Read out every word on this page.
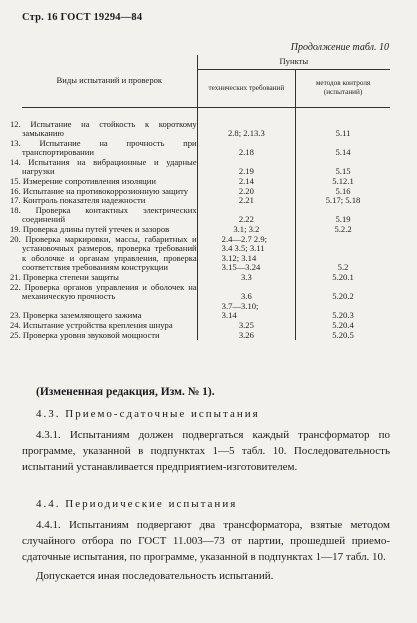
Стр. 16 ГОСТ 19294—84
Продолжение табл. 10
Виды испытаний и проверок	Пункты	
	технических требований	методов контроля (испытаний)

12. Испытание на стойкость к короткому замыканию	2.8; 2.13.3	5.11
13. Испытание на прочность при транспортировании	2.18	5.14
14. Испытания на вибрационные и ударные нагрузки	2.19	5.15
15. Измерение сопротивления изоляции	2.14	5.12.1
16. Испытание на противокоррозионную защиту	2.20	5.16
17. Контроль показателя надежности	2.21	5.17; 5.18
18. Проверка контактных электрических соединений	2.22	5.19
19. Проверка длины путей утечек и зазоров	3.1; 3.2	5.2.2
20. Проверка маркировки, массы, габаритных и установочных размеров, проверка требований к оболочке и органам управления, проверка соответствия требованиям конструкции	2.4—2.7 2.9; 3.4 3.5; 3.11 3.12; 3.14 3.15—3.24	5.2
21. Проверка степени защиты	3.3	5.20.1
22. Проверка органов управления и оболочек на механическую прочность	3.6	5.20.2
23. Проверка заземляющего зажима	3.7—3.10; 3.14	5.20.3
24. Испытание устройства крепления шнура	3.25	5.20.4
25. Проверка уровня звуковой мощности	3.26	5.20.5
(Измененная редакция, Изм. № 1).
4.3. Приемо-сдаточные испытания
4.3.1. Испытаниям должен подвергаться каждый трансформатор по программе, указанной в подпунктах 1—5 табл. 10. Последовательность испытаний устанавливается предприятием-изготовителем.
4.4. Периодические испытания
4.4.1. Испытаниям подвергают два трансформатора, взятые методом случайного отбора по ГОСТ 11.003—73 от партии, прошедшей приемо-сдаточные испытания, по программе, указанной в подпунктах 1—17 табл. 10.
Допускается иная последовательность испытаний.
